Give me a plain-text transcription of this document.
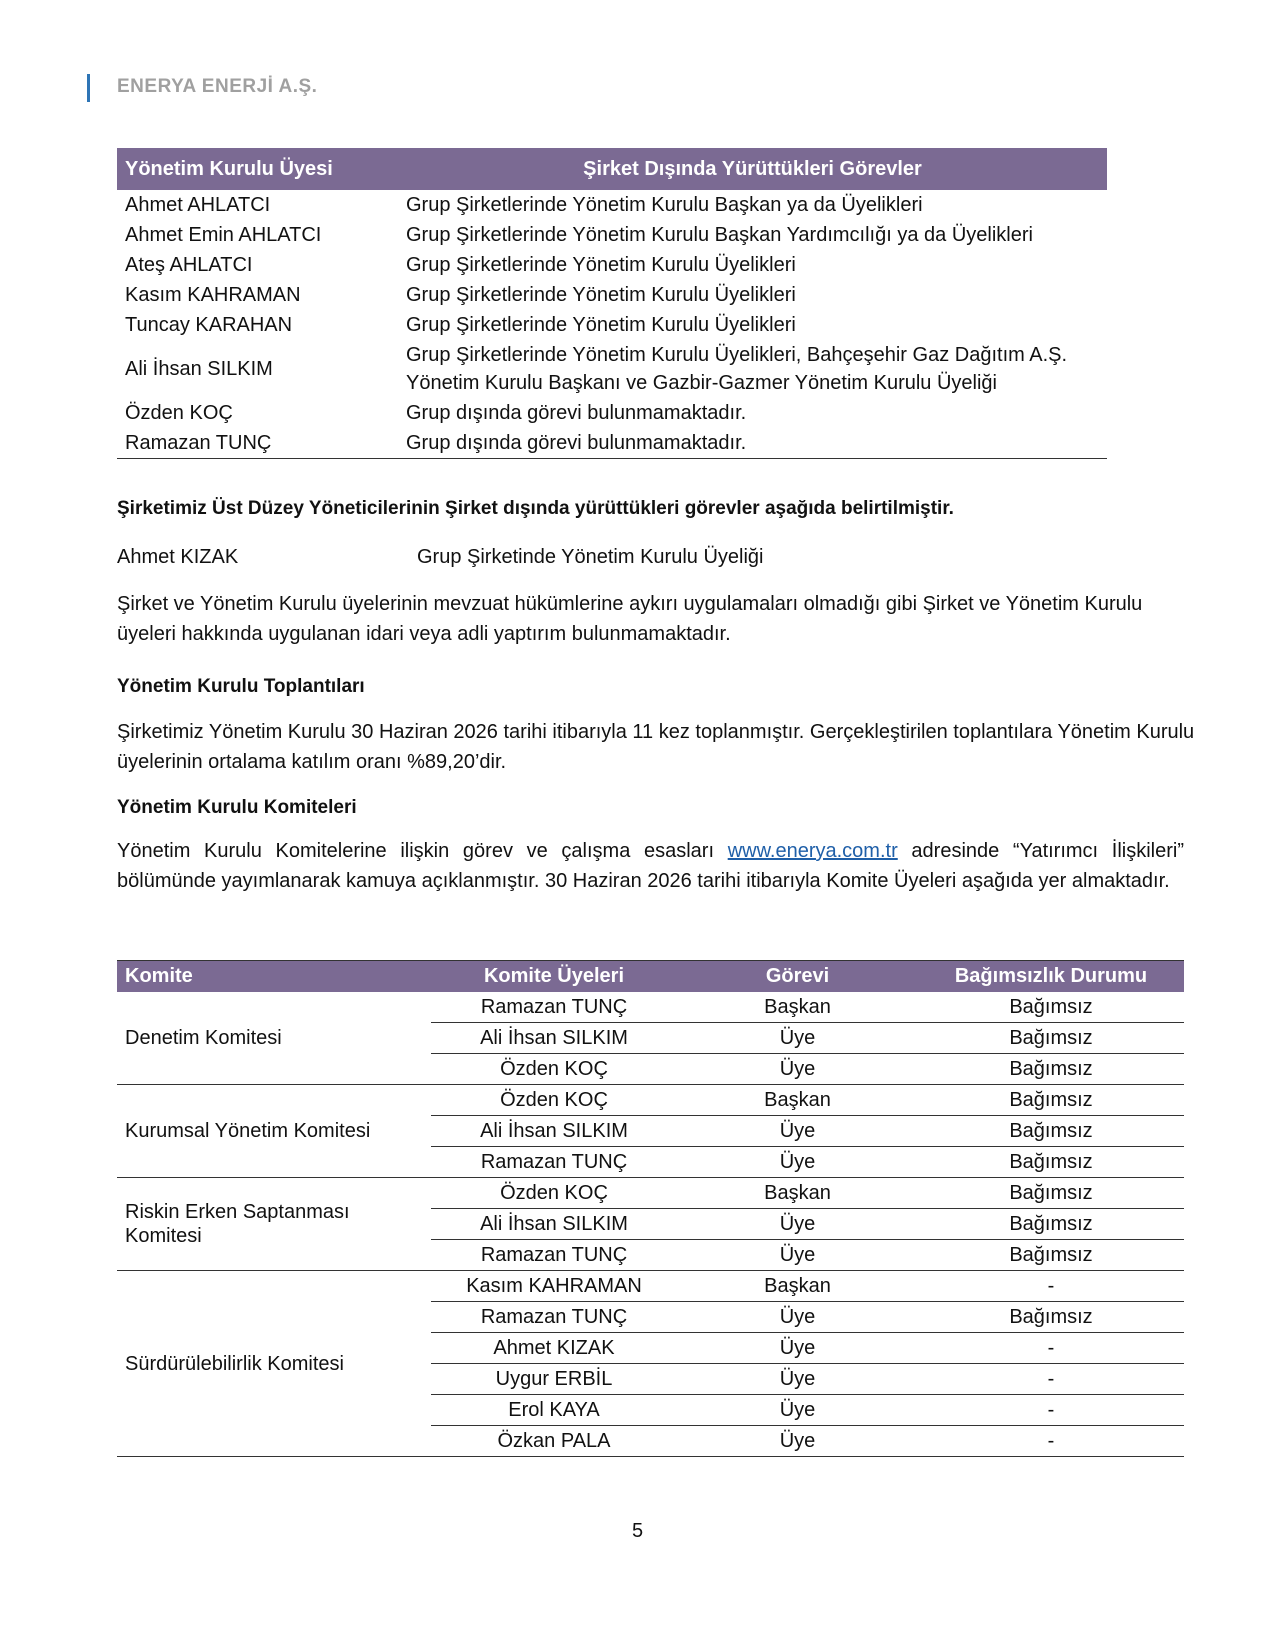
ENERYA ENERJİ A.Ş.
Yönetim Kurulu Üyesi	Şirket Dışında Yürüttükleri Görevler
Ahmet AHLATCI	Grup Şirketlerinde Yönetim Kurulu Başkan ya da Üyelikleri
Ahmet Emin AHLATCI	Grup Şirketlerinde Yönetim Kurulu Başkan Yardımcılığı ya da Üyelikleri
Ateş AHLATCI	Grup Şirketlerinde Yönetim Kurulu Üyelikleri
Kasım KAHRAMAN	Grup Şirketlerinde Yönetim Kurulu Üyelikleri
Tuncay KARAHAN	Grup Şirketlerinde Yönetim Kurulu Üyelikleri
Ali İhsan SILKIM	Grup Şirketlerinde Yönetim Kurulu Üyelikleri, Bahçeşehir Gaz Dağıtım A.Ş.
Yönetim Kurulu Başkanı ve Gazbir-Gazmer Yönetim Kurulu Üyeliği

Özden KOÇ	Grup dışında görevi bulunmamaktadır.
Ramazan TUNÇ	Grup dışında görevi bulunmamaktadır.
Şirketimiz Üst Düzey Yöneticilerinin Şirket dışında yürüttükleri görevler aşağıda belirtilmiştir.
Ahmet KIZAK	Grup Şirketinde Yönetim Kurulu Üyeliği
Şirket ve Yönetim Kurulu üyelerinin mevzuat hükümlerine aykırı uygulamaları olmadığı gibi Şirket ve Yönetim Kurulu üyeleri hakkında uygulanan idari veya adli yaptırım bulunmamaktadır.
Yönetim Kurulu Toplantıları
Şirketimiz Yönetim Kurulu 30 Haziran 2026 tarihi itibarıyla 11 kez toplanmıştır. Gerçekleştirilen toplantılara Yönetim Kurulu üyelerinin ortalama katılım oranı %89,20’dir.
Yönetim Kurulu Komiteleri
Yönetim Kurulu Komitelerine ilişkin görev ve çalışma esasları www.enerya.com.tr adresinde “Yatırımcı İlişkileri” bölümünde yayımlanarak kamuya açıklanmıştır. 30 Haziran 2026 tarihi itibarıyla Komite Üyeleri aşağıda yer almaktadır.
Komite	Komite Üyeleri	Görevi	Bağımsızlık Durumu
Denetim Komitesi	Ramazan TUNÇ	Başkan	Bağımsız
	Ali İhsan SILKIM	Üye	Bağımsız
	Özden KOÇ	Üye	Bağımsız
Kurumsal Yönetim Komitesi	Özden KOÇ	Başkan	Bağımsız
	Ali İhsan SILKIM	Üye	Bağımsız
	Ramazan TUNÇ	Üye	Bağımsız

Riskin Erken Saptanması Komitesi	Özden KOÇ	Başkan	Bağımsız
	Ali İhsan SILKIM	Üye	Bağımsız
	Ramazan TUNÇ	Üye	Bağımsız
Sürdürülebilirlik Komitesi	Kasım KAHRAMAN	Başkan	-
	Ramazan TUNÇ	Üye	Bağımsız
	Ahmet KIZAK	Üye	-
	Uygur ERBİL	Üye	-
	Erol KAYA	Üye	-
	Özkan PALA	Üye	-
5
